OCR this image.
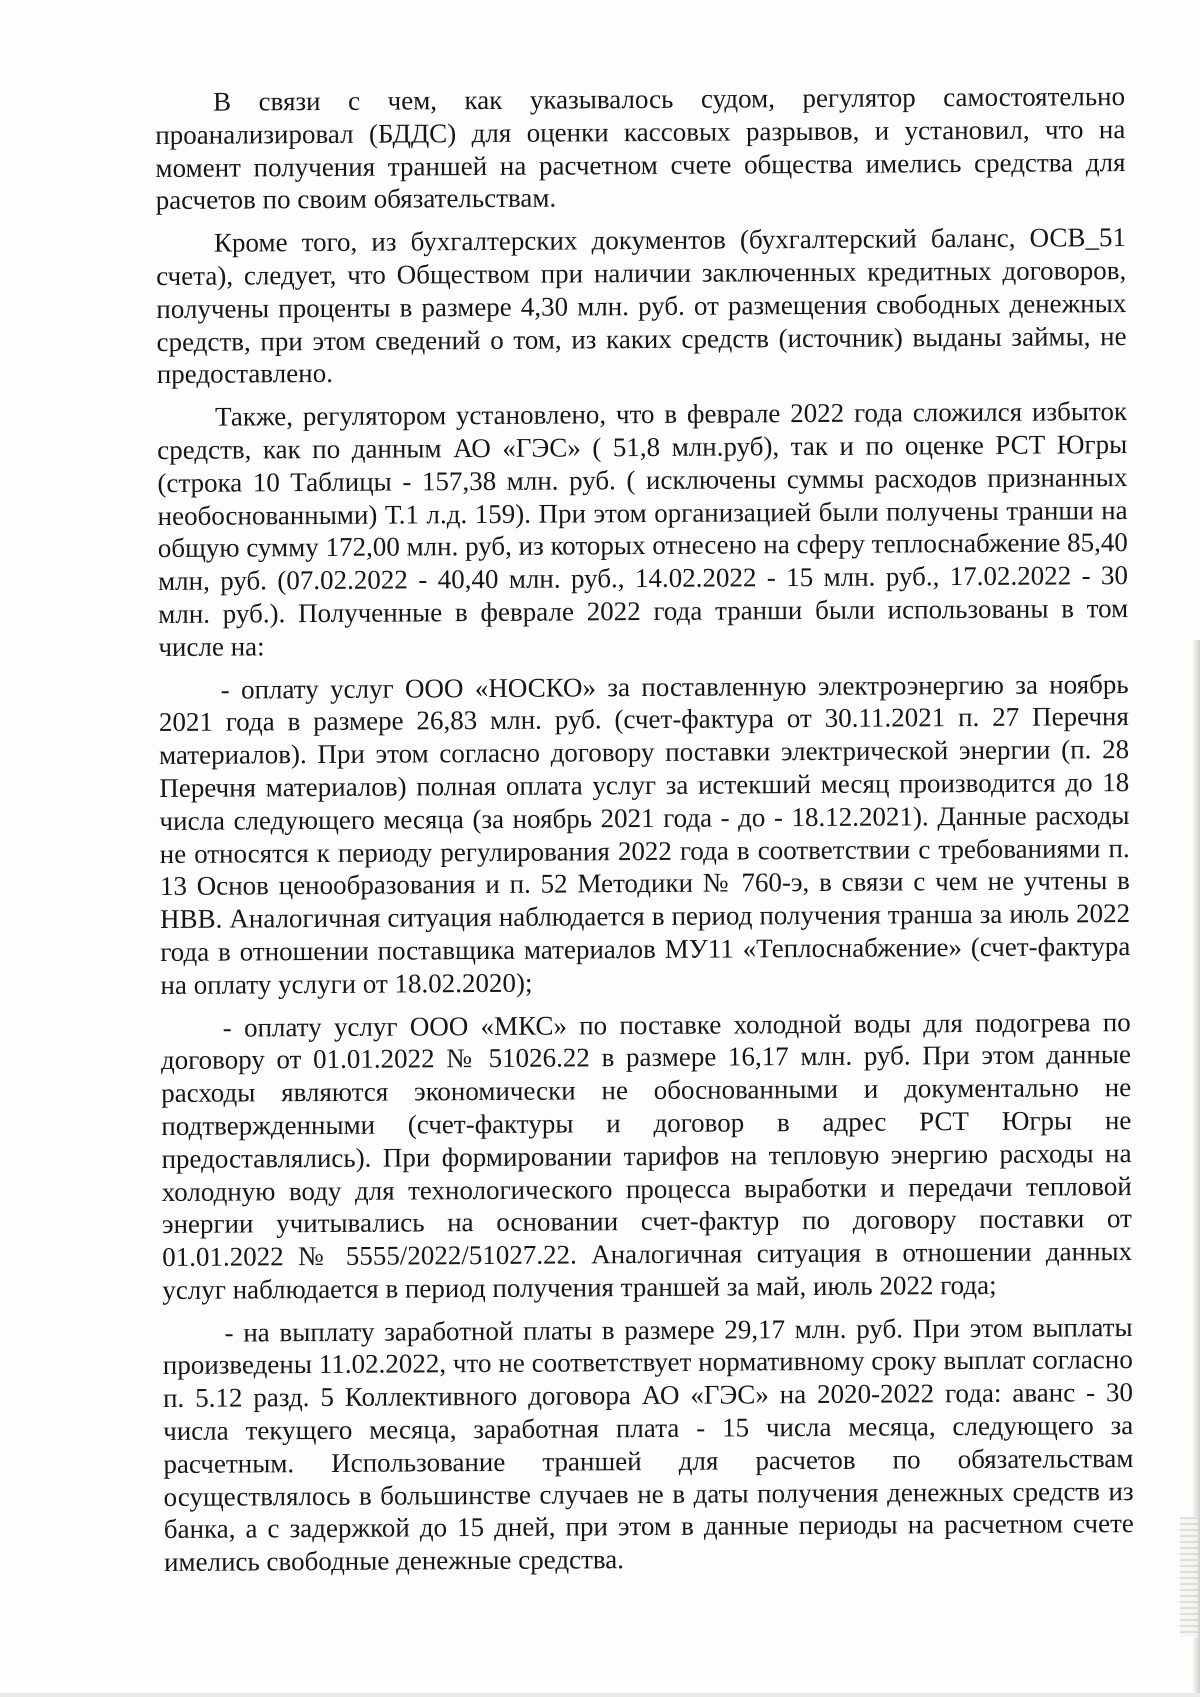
В связи с чем, как указывалось судом, регулятор самостоятельно проанализировал (БДДС) для оценки кассовых разрывов, и установил, что на момент получения траншей на расчетном счете общества имелись средства для расчетов по своим обязательствам.

Кроме того, из бухгалтерских документов (бухгалтерский баланс, ОСВ_51 счета), следует, что Обществом при наличии заключенных кредитных договоров, получены проценты в размере 4,30 млн. руб. от размещения свободных денежных средств, при этом сведений о том, из каких средств (источник) выданы займы, не предоставлено.

Также, регулятором установлено, что в феврале 2022 года сложился избыток средств, как по данным АО «ГЭС» ( 51,8 млн.руб), так и по оценке РСТ Югры (строка 10 Таблицы - 157,38 млн. руб. ( исключены суммы расходов признанных необоснованными) Т.1 л.д. 159). При этом организацией были получены транши на общую сумму 172,00 млн. руб, из которых отнесено на сферу теплоснабжение 85,40 млн, руб. (07.02.2022 - 40,40 млн. руб., 14.02.2022 - 15 млн. руб., 17.02.2022 - 30 млн. руб.). Полученные в феврале 2022 года транши были использованы в том числе на:

- оплату услуг ООО «НОСКО» за поставленную электроэнергию за ноябрь 2021 года в размере 26,83 млн. руб. (счет-фактура от 30.11.2021 п. 27 Перечня материалов). При этом согласно договору поставки электрической энергии (п. 28 Перечня материалов) полная оплата услуг за истекший месяц производится до 18 числа следующего месяца (за ноябрь 2021 года - до - 18.12.2021). Данные расходы не относятся к периоду регулирования 2022 года в соответствии с требованиями п. 13 Основ ценообразования и п. 52 Методики № 760-э, в связи с чем не учтены в НВВ. Аналогичная ситуация наблюдается в период получения транша за июль 2022 года в отношении поставщика материалов МУ11 «Теплоснабжение» (счет-фактура на оплату услуги от 18.02.2020);

- оплату услуг ООО «МКС» по поставке холодной воды для подогрева по договору от 01.01.2022 № 51026.22 в размере 16,17 млн. руб. При этом данные расходы являются экономически не обоснованными и документально не подтвержденными (счет-фактуры и договор в адрес РСТ Югры не предоставлялись). При формировании тарифов на тепловую энергию расходы на холодную воду для технологического процесса выработки и передачи тепловой энергии учитывались на основании счет-фактур по договору поставки от 01.01.2022 № 5555/2022/51027.22. Аналогичная ситуация в отношении данных услуг наблюдается в период получения траншей за май, июль 2022 года;

- на выплату заработной платы в размере 29,17 млн. руб. При этом выплаты произведены 11.02.2022, что не соответствует нормативному сроку выплат согласно п. 5.12 разд. 5 Коллективного договора АО «ГЭС» на 2020-2022 года: аванс - 30 числа текущего месяца, заработная плата - 15 числа месяца, следующего за расчетным. Использование траншей для расчетов по обязательствам осуществлялось в большинстве случаев не в даты получения денежных средств из банка, а с задержкой до 15 дней, при этом в данные периоды на расчетном счете имелись свободные денежные средства.
